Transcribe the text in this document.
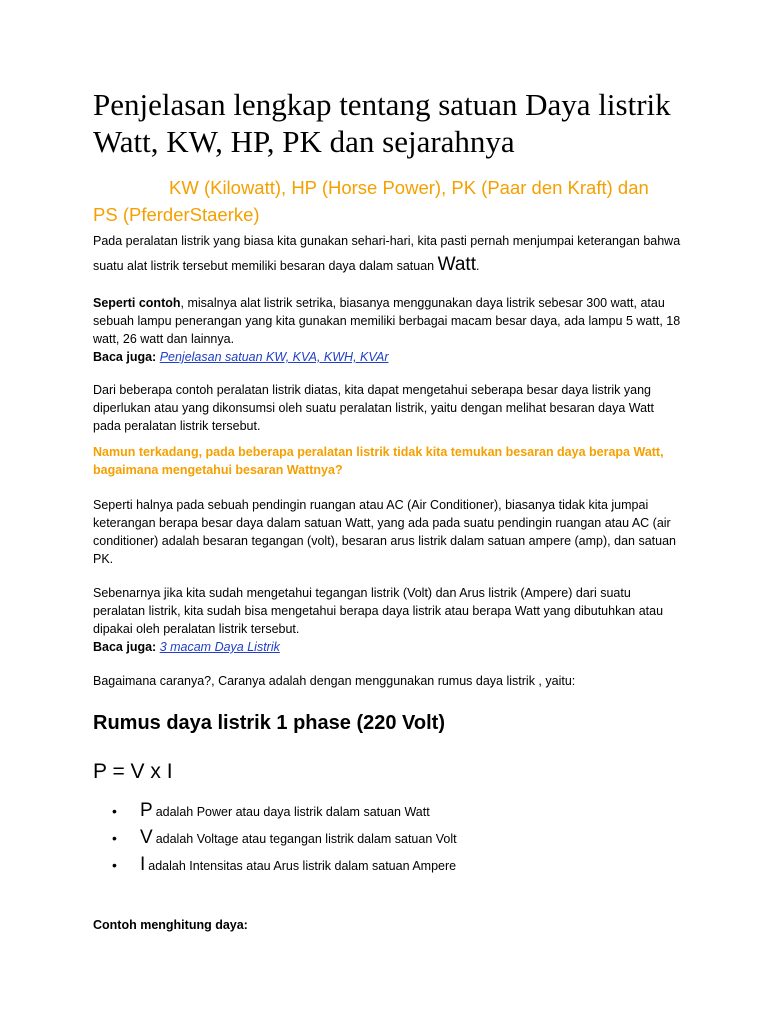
Penjelasan lengkap tentang satuan Daya listrik Watt, KW, HP, PK dan sejarahnya
KW (Kilowatt), HP (Horse Power), PK (Paar den Kraft) dan PS (PferderStaerke)

Pada peralatan listrik yang biasa kita gunakan sehari-hari, kita pasti pernah menjumpai keterangan bahwa suatu alat listrik tersebut memiliki besaran daya dalam satuan Watt.

Seperti contoh, misalnya alat listrik setrika, biasanya menggunakan daya listrik sebesar 300 watt, atau sebuah lampu penerangan yang kita gunakan memiliki berbagai macam besar daya, ada lampu 5 watt, 18 watt, 26 watt dan lainnya.
Baca juga: Penjelasan satuan KW, KVA, KWH, KVAr

Dari beberapa contoh peralatan listrik diatas, kita dapat mengetahui seberapa besar daya listrik yang diperlukan atau yang dikonsumsi oleh suatu peralatan listrik, yaitu dengan melihat besaran daya Watt pada peralatan listrik tersebut.

Namun terkadang, pada beberapa peralatan listrik tidak kita temukan besaran daya berapa Watt, bagaimana mengetahui besaran Wattnya?

Seperti halnya pada sebuah pendingin ruangan atau AC (Air Conditioner), biasanya tidak kita jumpai keterangan berapa besar daya dalam satuan Watt, yang ada pada suatu pendingin ruangan atau AC (air conditioner) adalah besaran tegangan (volt), besaran arus listrik dalam satuan ampere (amp), dan satuan PK.

Sebenarnya jika kita sudah mengetahui tegangan listrik (Volt) dan Arus listrik (Ampere) dari suatu peralatan listrik, kita sudah bisa mengetahui berapa daya listrik atau berapa Watt yang dibutuhkan atau dipakai oleh peralatan listrik tersebut.
Baca juga: 3 macam Daya Listrik

Bagaimana caranya?, Caranya adalah dengan menggunakan rumus daya listrik , yaitu:

Rumus daya listrik 1 phase (220 Volt)

P = V x I

•	P adalah Power atau daya listrik dalam satuan Watt
•	V adalah Voltage atau tegangan listrik dalam satuan Volt
•	I adalah Intensitas atau Arus listrik dalam satuan Ampere

Contoh menghitung daya:
